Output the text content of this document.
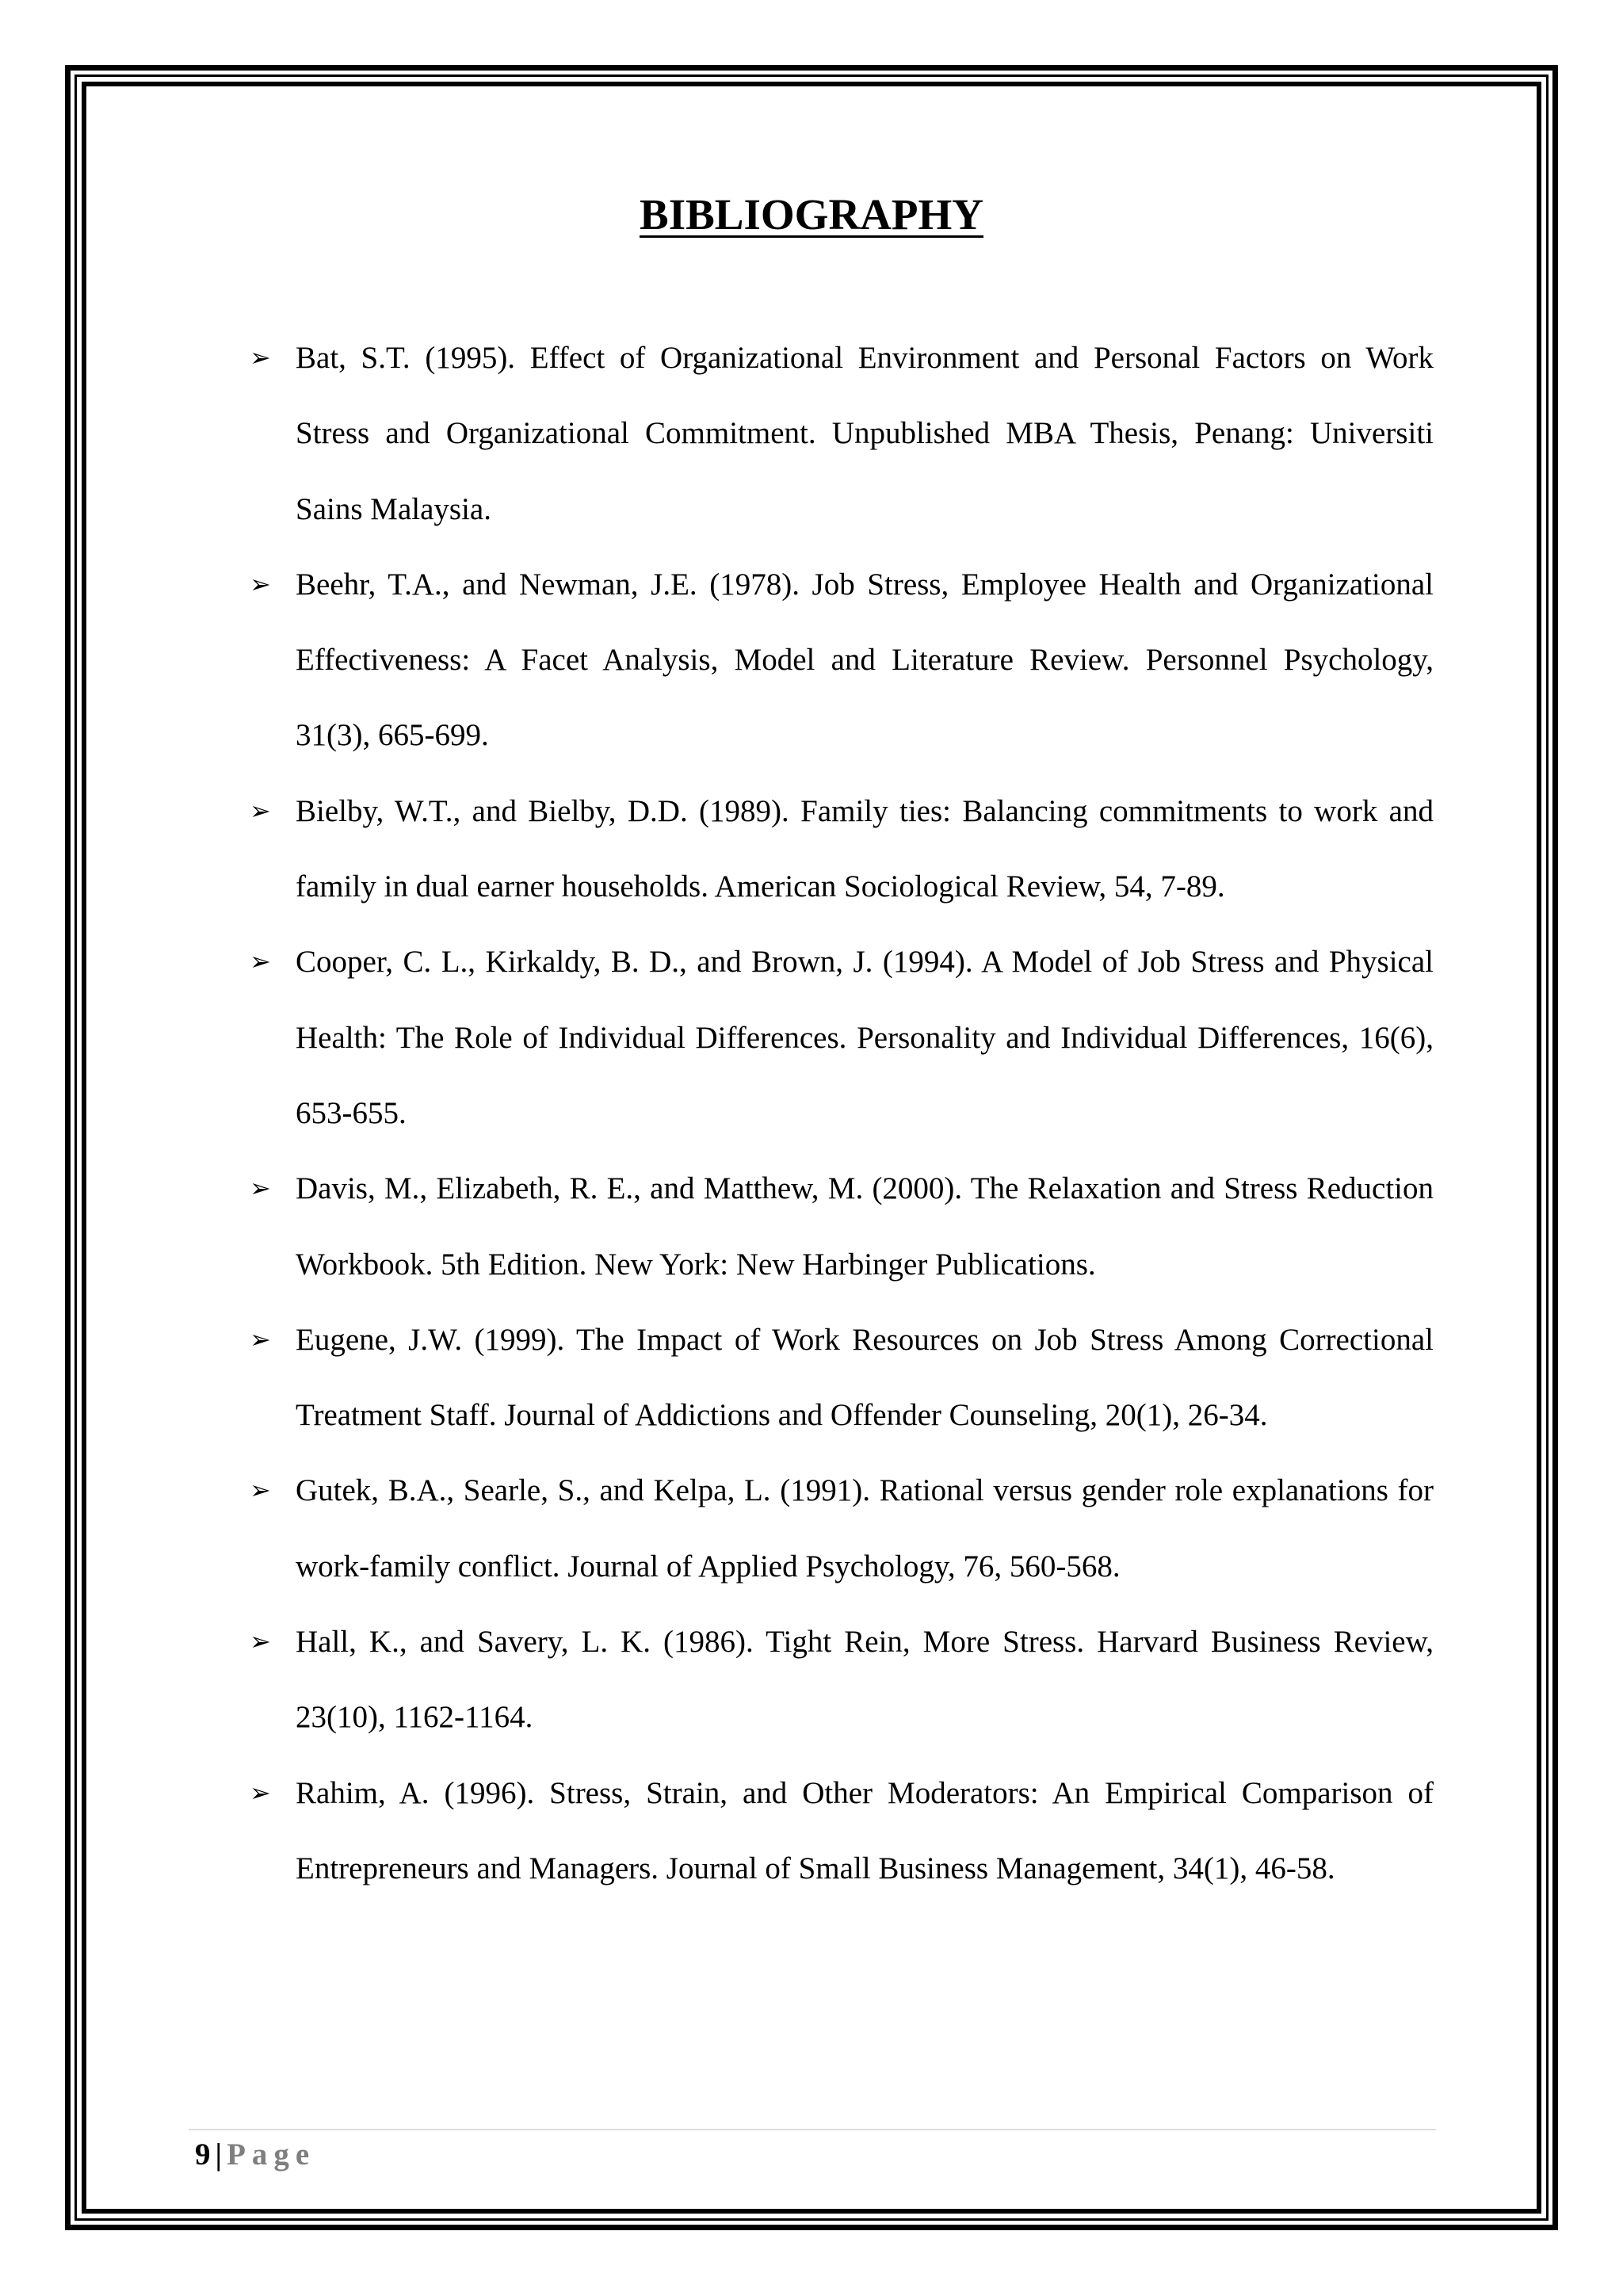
BIBLIOGRAPHY
➢ Bat, S.T. (1995). Effect of Organizational Environment and Personal Factors on Work Stress and Organizational Commitment. Unpublished MBA Thesis, Penang: Universiti Sains Malaysia.
➢ Beehr, T.A., and Newman, J.E. (1978). Job Stress, Employee Health and Organizational Effectiveness: A Facet Analysis, Model and Literature Review. Personnel Psychology, 31(3), 665-699.
➢ Bielby, W.T., and Bielby, D.D. (1989). Family ties: Balancing commitments to work and family in dual earner households. American Sociological Review, 54, 7-89.
➢ Cooper, C. L., Kirkaldy, B. D., and Brown, J. (1994). A Model of Job Stress and Physical Health: The Role of Individual Differences. Personality and Individual Differences, 16(6), 653-655.
➢ Davis, M., Elizabeth, R. E., and Matthew, M. (2000). The Relaxation and Stress Reduction Workbook. 5th Edition. New York: New Harbinger Publications.
➢ Eugene, J.W. (1999). The Impact of Work Resources on Job Stress Among Correctional Treatment Staff. Journal of Addictions and Offender Counseling, 20(1), 26-34.
➢ Gutek, B.A., Searle, S., and Kelpa, L. (1991). Rational versus gender role explanations for work-family conflict. Journal of Applied Psychology, 76, 560-568.
➢ Hall, K., and Savery, L. K. (1986). Tight Rein, More Stress. Harvard Business Review, 23(10), 1162-1164.
➢ Rahim, A. (1996). Stress, Strain, and Other Moderators: An Empirical Comparison of Entrepreneurs and Managers. Journal of Small Business Management, 34(1), 46-58.
9 | Page
